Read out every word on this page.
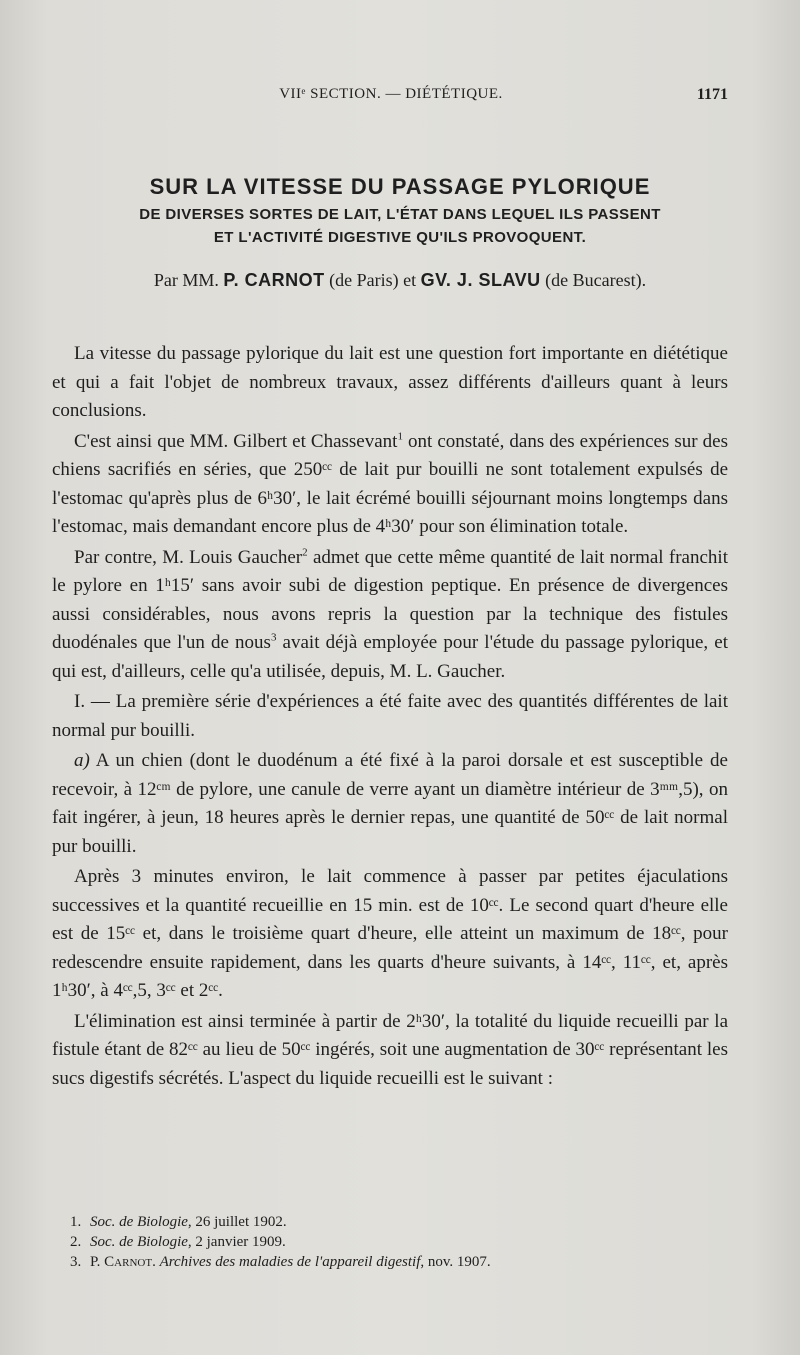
VIIᵉ SECTION. — DIÉTÉTIQUE.	1171
SUR LA VITESSE DU PASSAGE PYLORIQUE
DE DIVERSES SORTES DE LAIT, L'ÉTAT DANS LEQUEL ILS PASSENT
ET L'ACTIVITÉ DIGESTIVE QU'ILS PROVOQUENT.
Par MM. P. CARNOT (de Paris) et GV. J. SLAVU (de Bucarest).

La vitesse du passage pylorique du lait est une question fort importante en diététique et qui a fait l'objet de nombreux travaux, assez différents d'ailleurs quant à leurs conclusions.

C'est ainsi que MM. Gilbert et Chassevant$^1$ ont constaté, dans des expériences sur des chiens sacrifiés en séries, que 250ᶜᶜ de lait pur bouilli ne sont totalement expulsés de l'estomac qu'après plus de 6ʰ30′, le lait écrémé bouilli séjournant moins longtemps dans l'estomac, mais demandant encore plus de 4ʰ30′ pour son élimination totale.

Par contre, M. Louis Gaucher$^2$ admet que cette même quantité de lait normal franchit le pylore en 1ʰ15′ sans avoir subi de digestion peptique. En présence de divergences aussi considérables, nous avons repris la question par la technique des fistules duodénales que l'un de nous$^3$ avait déjà employée pour l'étude du passage pylorique, et qui est, d'ailleurs, celle qu'a utilisée, depuis, M. L. Gaucher.

I. — La première série d'expériences a été faite avec des quantités différentes de lait normal pur bouilli.

a) A un chien (dont le duodénum a été fixé à la paroi dorsale et est susceptible de recevoir, à 12ᶜᵐ de pylore, une canule de verre ayant un diamètre intérieur de 3ᵐᵐ,5), on fait ingérer, à jeun, 18 heures après le dernier repas, une quantité de 50ᶜᶜ de lait normal pur bouilli.

Après 3 minutes environ, le lait commence à passer par petites éjaculations successives et la quantité recueillie en 15 min. est de 10ᶜᶜ. Le second quart d'heure elle est de 15ᶜᶜ et, dans le troisième quart d'heure, elle atteint un maximum de 18ᶜᶜ, pour redescendre ensuite rapidement, dans les quarts d'heure suivants, à 14ᶜᶜ, 11ᶜᶜ, et, après 1ʰ30′, à 4ᶜᶜ,5, 3ᶜᶜ et 2ᶜᶜ.

L'élimination est ainsi terminée à partir de 2ʰ30′, la totalité du liquide recueilli par la fistule étant de 82ᶜᶜ au lieu de 50ᶜᶜ ingérés, soit une augmentation de 30ᶜᶜ représentant les sucs digestifs sécrétés. L'aspect du liquide recueilli est le suivant :

1. Soc. de Biologie, 26 juillet 1902.
2. Soc. de Biologie, 2 janvier 1909.
3. P. Carnot. Archives des maladies de l'appareil digestif, nov. 1907.
